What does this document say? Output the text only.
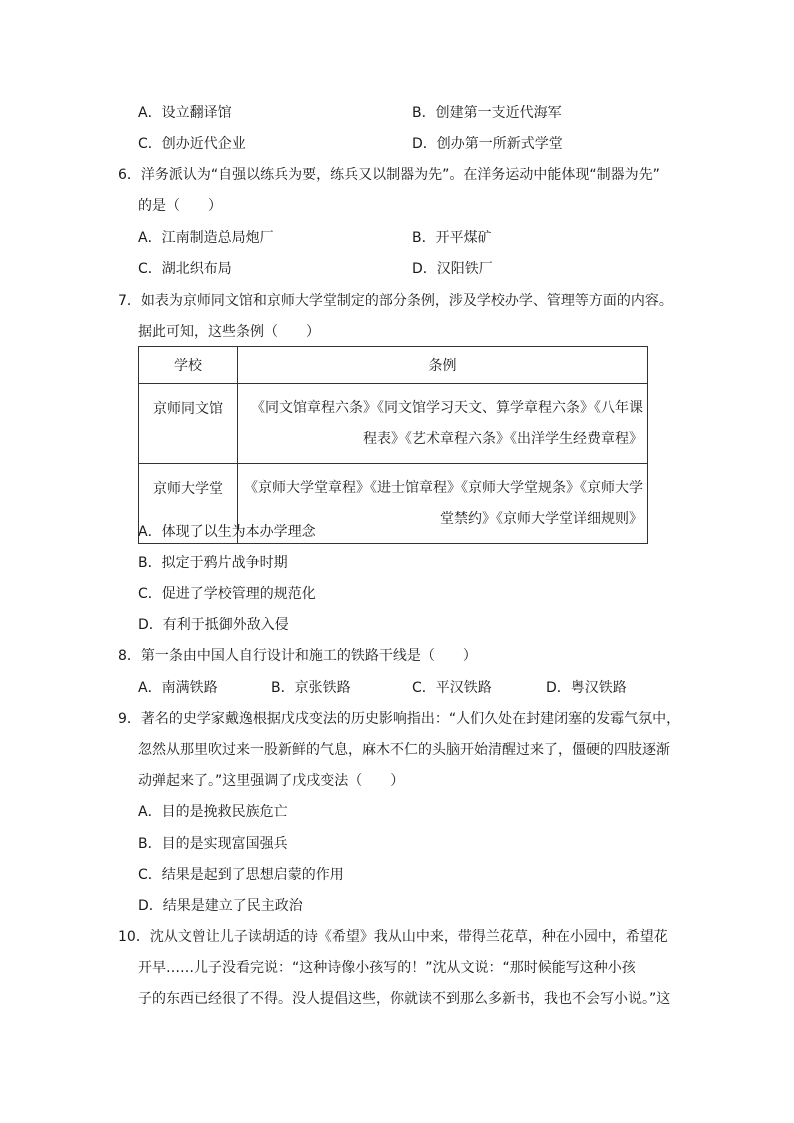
A．设立翻译馆	B．创建第一支近代海军
C．创办近代企业	D．创办第一所新式学堂
6．洋务派认为“自强以练兵为要，练兵又以制器为先”。在洋务运动中能体现“制器为先”
的是（　　）
A．江南制造总局炮厂	B．开平煤矿
C．湖北织布局	D．汉阳铁厂
7．如表为京师同文馆和京师大学堂制定的部分条例，涉及学校办学、管理等方面的内容。
据此可知，这些条例（　　）
学校	条例
京师同文馆	《同文馆章程六条》《同文馆学习天文、算学章程六条》《八年课程表》《艺术章程六条》《出洋学生经费章程》
京师大学堂	《京师大学堂章程》《进士馆章程》《京师大学堂规条》《京师大学堂禁约》《京师大学堂详细规则》
A．体现了以生为本办学理念
B．拟定于鸦片战争时期
C．促进了学校管理的规范化
D．有利于抵御外敌入侵
8．第一条由中国人自行设计和施工的铁路干线是（　　）
A．南满铁路	B．京张铁路	C．平汉铁路	D．粤汉铁路
9．著名的史学家戴逸根据戊戌变法的历史影响指出：“人们久处在封建闭塞的发霉气氛中，
忽然从那里吹过来一股新鲜的气息，麻木不仁的头脑开始清醒过来了，僵硬的四肢逐渐
动弹起来了。”这里强调了戊戌变法（　　）
A．目的是挽救民族危亡
B．目的是实现富国强兵
C．结果是起到了思想启蒙的作用
D．结果是建立了民主政治
10．沈从文曾让儿子读胡适的诗《希望》我从山中来，带得兰花草，种在小园中，希望花
开早……儿子没看完说：“这种诗像小孩写的！”沈从文说：“那时候能写这种小孩
子的东西已经很了不得。没人提倡这些，你就读不到那么多新书，我也不会写小说。”这
